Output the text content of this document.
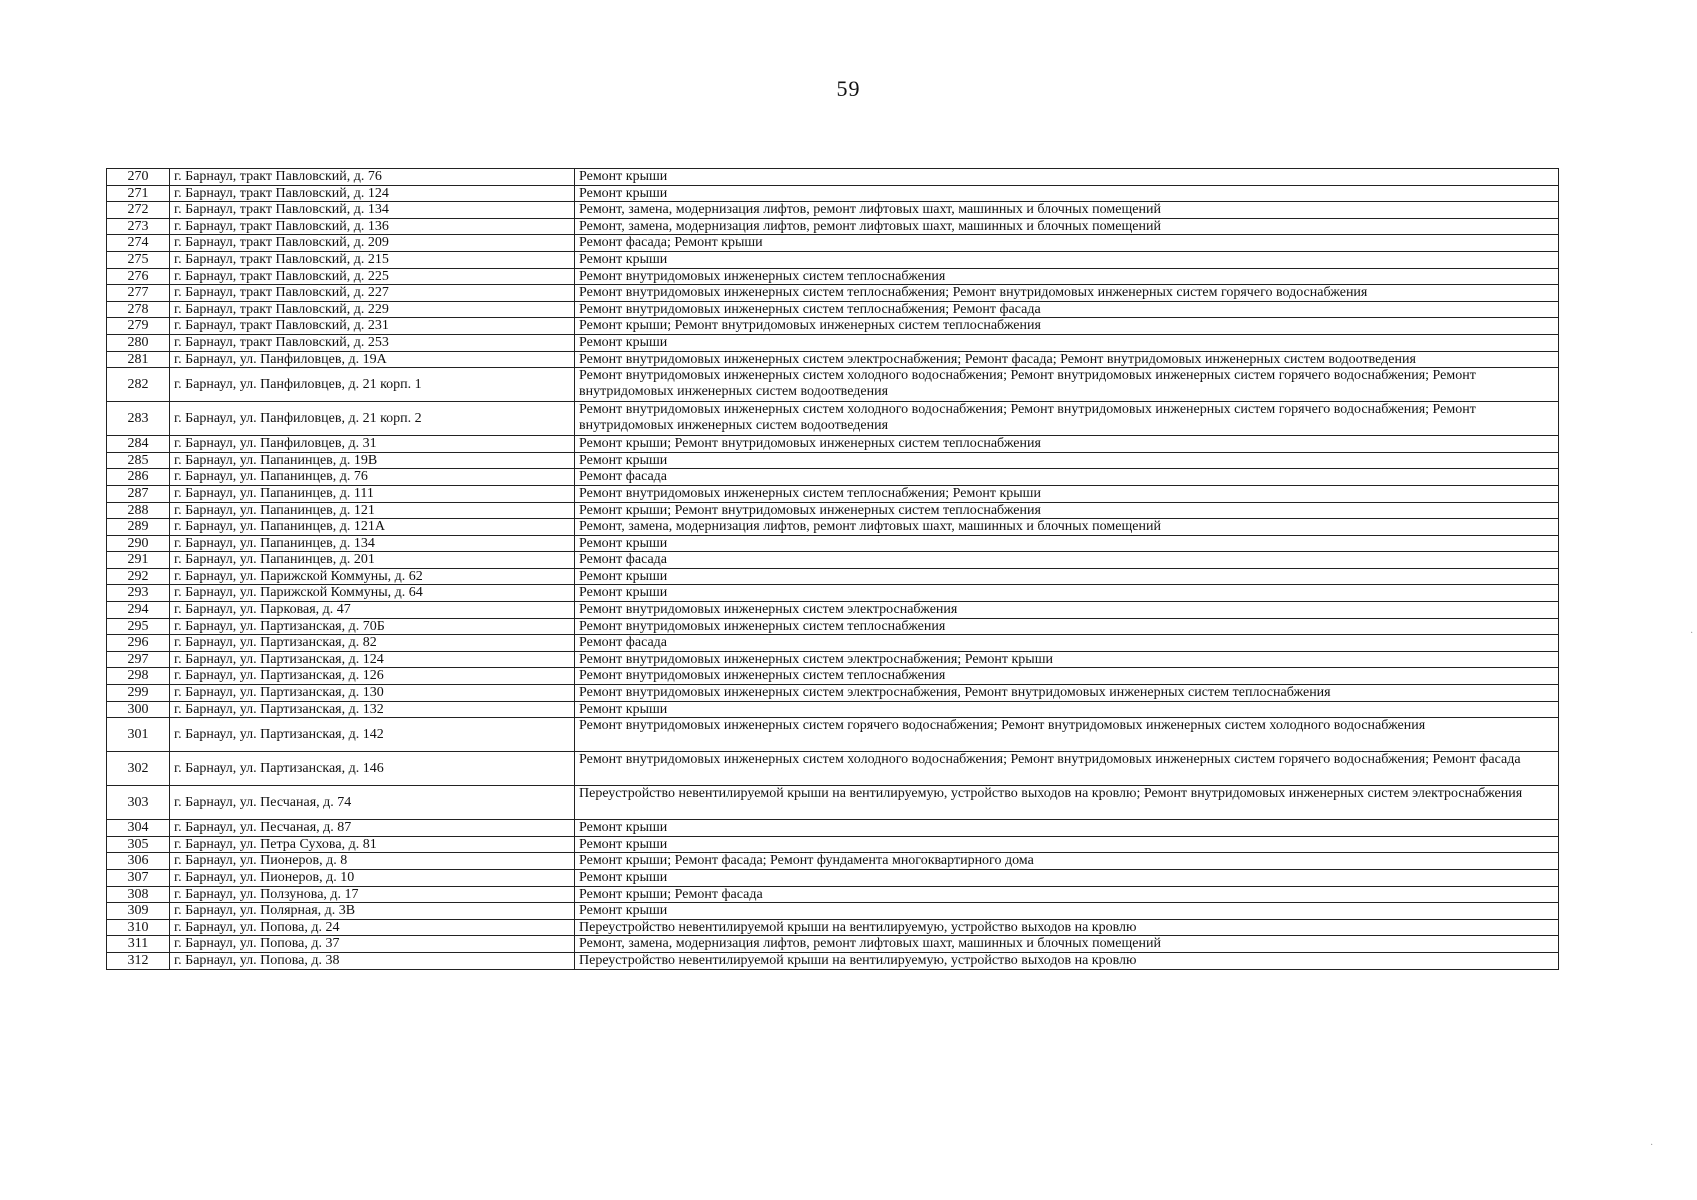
59
270	г. Барнаул, тракт Павловский, д. 76	Ремонт крыши
271	г. Барнаул, тракт Павловский, д. 124	Ремонт крыши
272	г. Барнаул, тракт Павловский, д. 134	Ремонт, замена, модернизация лифтов, ремонт лифтовых шахт, машинных и блочных помещений
273	г. Барнаул, тракт Павловский, д. 136	Ремонт, замена, модернизация лифтов, ремонт лифтовых шахт, машинных и блочных помещений
274	г. Барнаул, тракт Павловский, д. 209	Ремонт фасада; Ремонт крыши
275	г. Барнаул, тракт Павловский, д. 215	Ремонт крыши
276	г. Барнаул, тракт Павловский, д. 225	Ремонт внутридомовых инженерных систем теплоснабжения
277	г. Барнаул, тракт Павловский, д. 227	Ремонт внутридомовых инженерных систем теплоснабжения; Ремонт внутридомовых инженерных систем горячего водоснабжения
278	г. Барнаул, тракт Павловский, д. 229	Ремонт внутридомовых инженерных систем теплоснабжения; Ремонт фасада
279	г. Барнаул, тракт Павловский, д. 231	Ремонт крыши; Ремонт внутридомовых инженерных систем теплоснабжения
280	г. Барнаул, тракт Павловский, д. 253	Ремонт крыши
281	г. Барнаул, ул. Панфиловцев, д. 19А	Ремонт внутридомовых инженерных систем электроснабжения; Ремонт фасада; Ремонт внутридомовых инженерных систем водоотведения
282	г. Барнаул, ул. Панфиловцев, д. 21 корп. 1	Ремонт внутридомовых инженерных систем холодного водоснабжения; Ремонт внутридомовых инженерных систем горячего водоснабжения; Ремонт внутридомовых инженерных систем водоотведения
283	г. Барнаул, ул. Панфиловцев, д. 21 корп. 2	Ремонт внутридомовых инженерных систем холодного водоснабжения; Ремонт внутридомовых инженерных систем горячего водоснабжения; Ремонт внутридомовых инженерных систем водоотведения
284	г. Барнаул, ул. Панфиловцев, д. 31	Ремонт крыши; Ремонт внутридомовых инженерных систем теплоснабжения
285	г. Барнаул, ул. Папанинцев, д. 19В	Ремонт крыши
286	г. Барнаул, ул. Папанинцев, д. 76	Ремонт фасада
287	г. Барнаул, ул. Папанинцев, д. 111	Ремонт внутридомовых инженерных систем теплоснабжения; Ремонт крыши
288	г. Барнаул, ул. Папанинцев, д. 121	Ремонт крыши; Ремонт внутридомовых инженерных систем теплоснабжения
289	г. Барнаул, ул. Папанинцев, д. 121А	Ремонт, замена, модернизация лифтов, ремонт лифтовых шахт, машинных и блочных помещений
290	г. Барнаул, ул. Папанинцев, д. 134	Ремонт крыши
291	г. Барнаул, ул. Папанинцев, д. 201	Ремонт фасада
292	г. Барнаул, ул. Парижской Коммуны, д. 62	Ремонт крыши
293	г. Барнаул, ул. Парижской Коммуны, д. 64	Ремонт крыши
294	г. Барнаул, ул. Парковая, д. 47	Ремонт внутридомовых инженерных систем электроснабжения
295	г. Барнаул, ул. Партизанская, д. 70Б	Ремонт внутридомовых инженерных систем теплоснабжения
296	г. Барнаул, ул. Партизанская, д. 82	Ремонт фасада
297	г. Барнаул, ул. Партизанская, д. 124	Ремонт внутридомовых инженерных систем электроснабжения; Ремонт крыши
298	г. Барнаул, ул. Партизанская, д. 126	Ремонт внутридомовых инженерных систем теплоснабжения
299	г. Барнаул, ул. Партизанская, д. 130	Ремонт внутридомовых инженерных систем электроснабжения, Ремонт внутридомовых инженерных систем теплоснабжения
300	г. Барнаул, ул. Партизанская, д. 132	Ремонт крыши
301	г. Барнаул, ул. Партизанская, д. 142	Ремонт внутридомовых инженерных систем горячего водоснабжения; Ремонт внутридомовых инженерных систем холодного водоснабжения
302	г. Барнаул, ул. Партизанская, д. 146	Ремонт внутридомовых инженерных систем холодного водоснабжения; Ремонт внутридомовых инженерных систем горячего водоснабжения; Ремонт фасада
303	г. Барнаул, ул. Песчаная, д. 74	Переустройство невентилируемой крыши на вентилируемую, устройство выходов на кровлю; Ремонт внутридомовых инженерных систем электроснабжения
304	г. Барнаул, ул. Песчаная, д. 87	Ремонт крыши
305	г. Барнаул, ул. Петра Сухова, д. 81	Ремонт крыши
306	г. Барнаул, ул. Пионеров, д. 8	Ремонт крыши; Ремонт фасада; Ремонт фундамента многоквартирного дома
307	г. Барнаул, ул. Пионеров, д. 10	Ремонт крыши
308	г. Барнаул, ул. Ползунова, д. 17	Ремонт крыши; Ремонт фасада
309	г. Барнаул, ул. Полярная, д. 3В	Ремонт крыши
310	г. Барнаул, ул. Попова, д. 24	Переустройство невентилируемой крыши на вентилируемую, устройство выходов на кровлю
311	г. Барнаул, ул. Попова, д. 37	Ремонт, замена, модернизация лифтов, ремонт лифтовых шахт, машинных и блочных помещений
312	г. Барнаул, ул. Попова, д. 38	Переустройство невентилируемой крыши на вентилируемую, устройство выходов на кровлю
·
·
